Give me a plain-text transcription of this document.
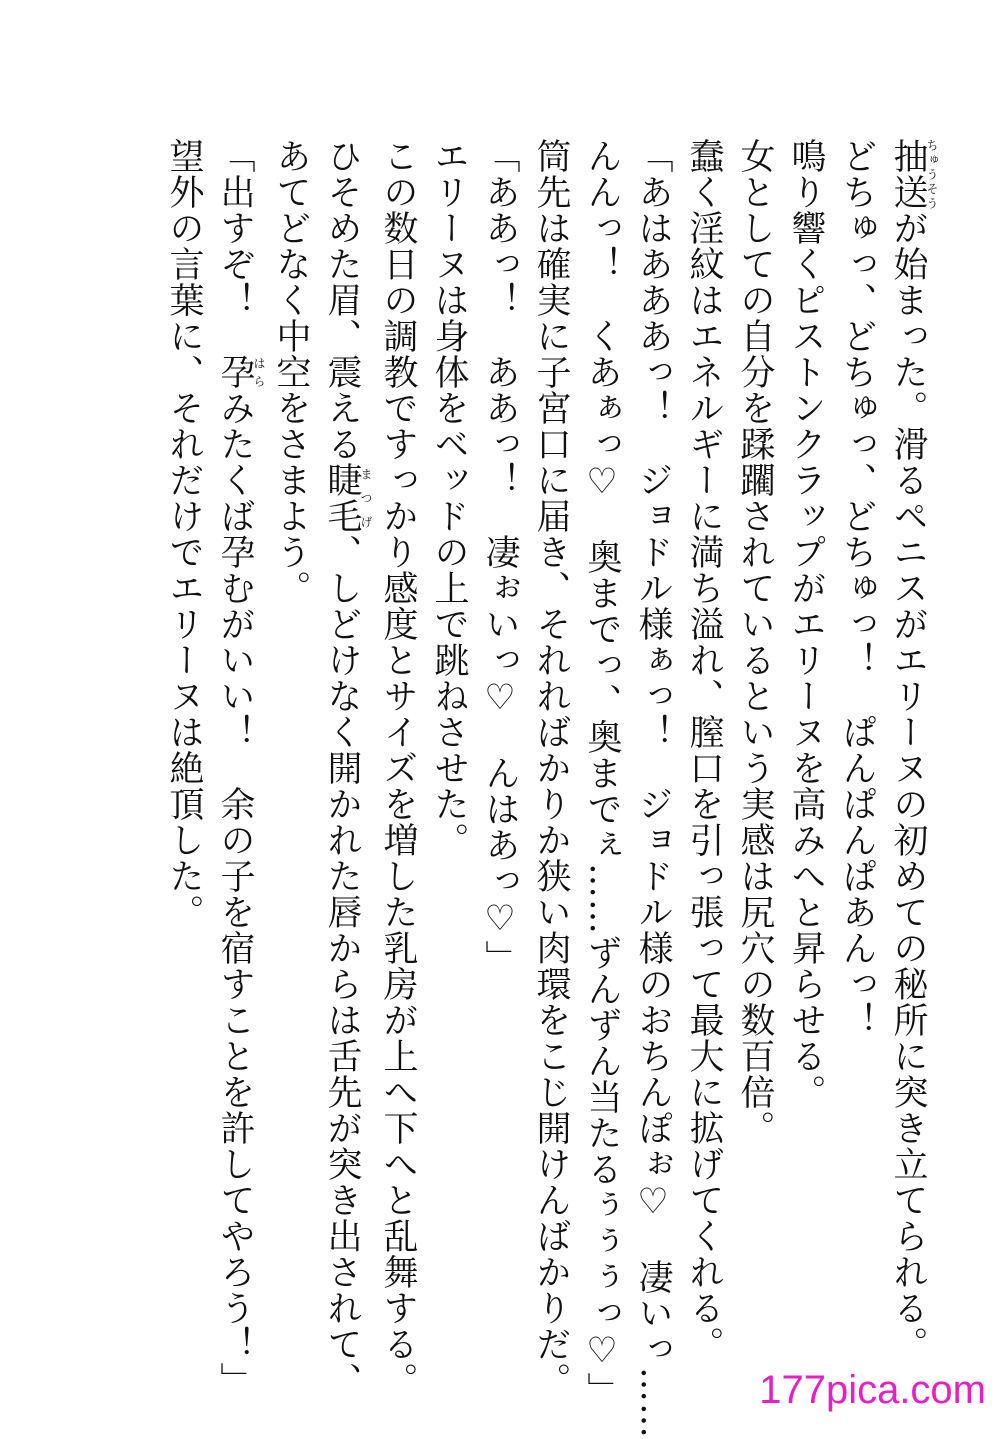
抽送ちゅうそうが始まった。滑るペニスがエリーヌの初めての秘所に突き立てられる。
どちゅっ、どちゅっ、どちゅっ！　ぱんぱんぱあんっ！
鳴り響くピストンクラップがエリーヌを高みへと昇らせる。
女としての自分を蹂躙されているという実感は尻穴の数百倍。
蠢く淫紋はエネルギーに満ち溢れ、膣口を引っ張って最大に拡げてくれる。
「あはあああっ！　ジョドル様ぁっ！　ジョドル様のおちんぽぉ♡　凄いっ……
んんっ！　くあぁっ♡　奥までっ、奥までぇ……ずんずん当たるぅぅぅっ♡」
筒先は確実に子宮口に届き、それればかりか狭い肉環をこじ開けんばかりだ。
「ああっ！　ああっ！　凄ぉいっ♡　んはあっ♡」
エリーヌは身体をベッドの上で跳ねさせた。
この数日の調教ですっかり感度とサイズを増した乳房が上へ下へと乱舞する。
ひそめた眉、震える睫毛まつげ、しどけなく開かれた唇からは舌先が突き出されて、
あてどなく中空をさまよう。
「出すぞ！　孕はらみたくば孕むがいい！　余の子を宿すことを許してやろう！」
望外の言葉に、それだけでエリーヌは絶頂した。
177pica.com
